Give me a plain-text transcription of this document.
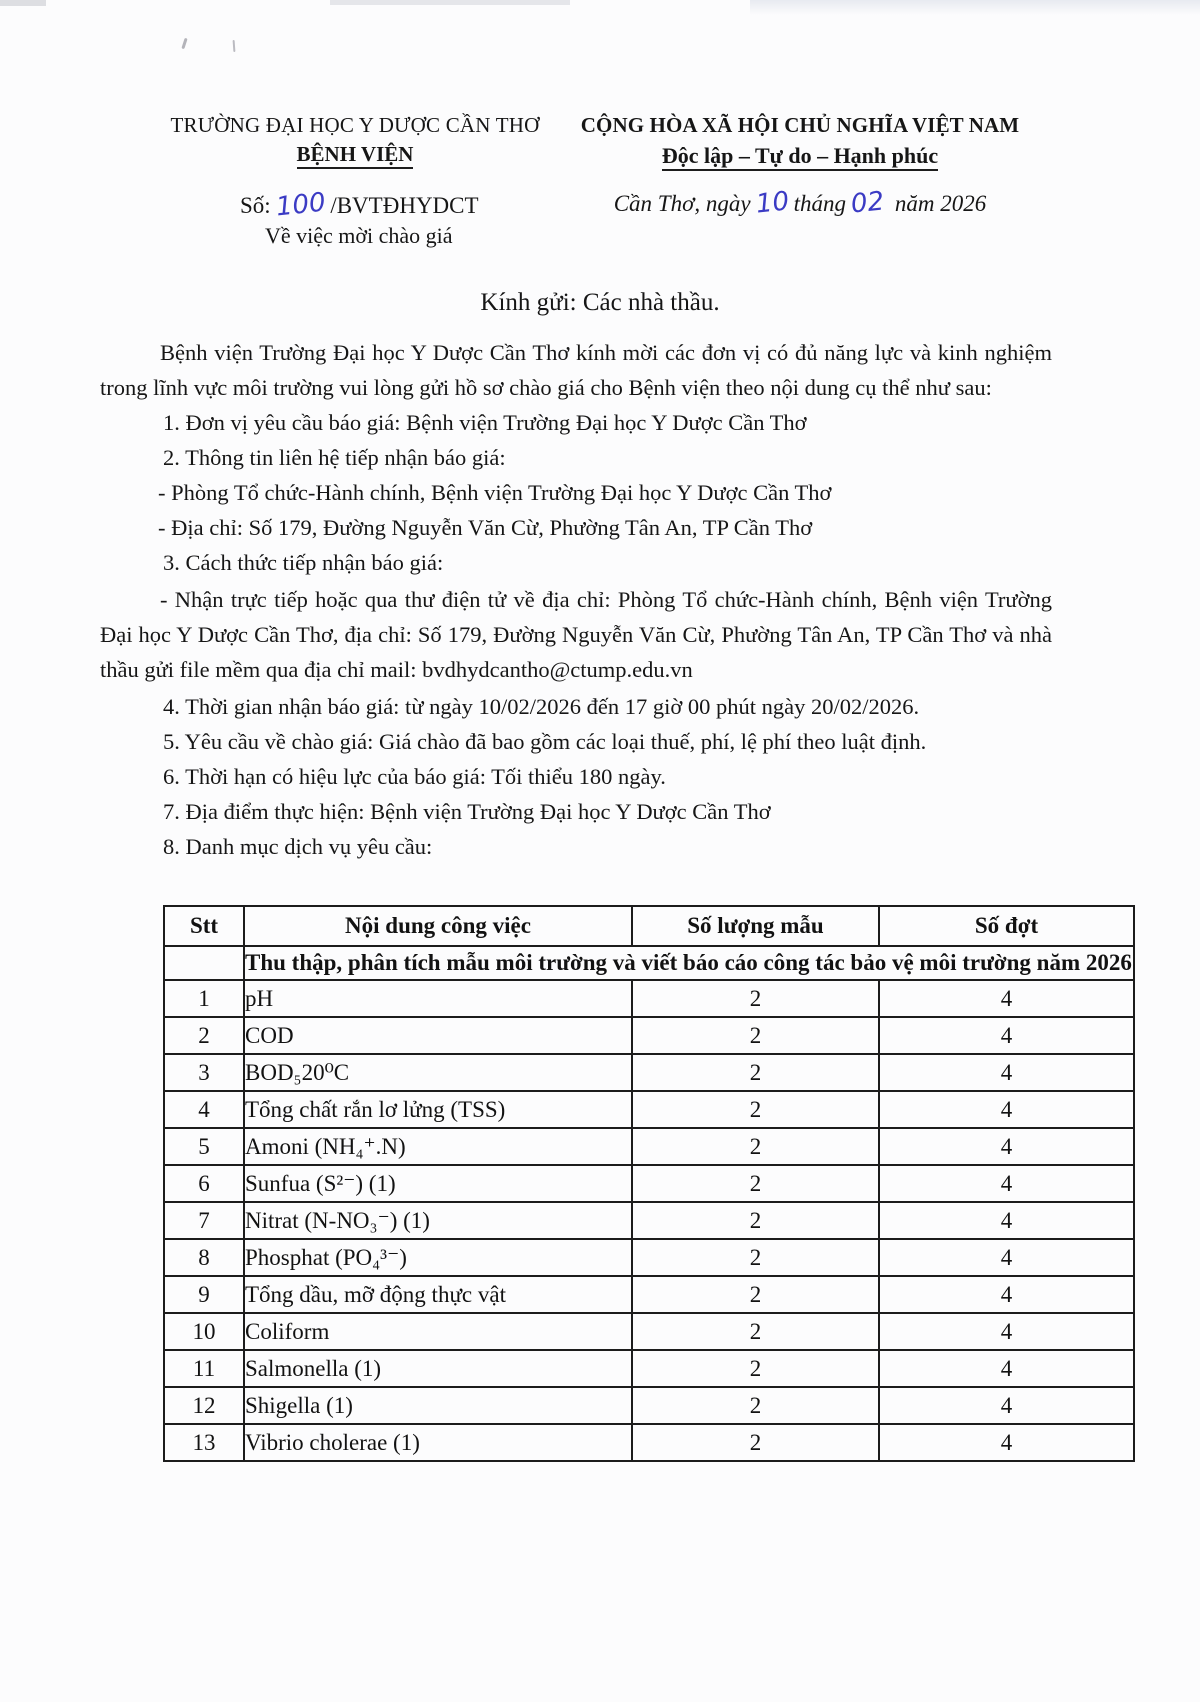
TRƯỜNG ĐẠI HỌC Y DƯỢC CẦN THƠ
BỆNH VIỆN
Số: 100 /BVTĐHYDCT
Về việc mời chào giá
CỘNG HÒA XÃ HỘI CHỦ NGHĨA VIỆT NAM
Độc lập – Tự do – Hạnh phúc
Cần Thơ, ngày 10 tháng 02 năm 2026
Kính gửi: Các nhà thầu.

Bệnh viện Trường Đại học Y Dược Cần Thơ kính mời các đơn vị có đủ năng lực và kinh nghiệm trong lĩnh vực môi trường vui lòng gửi hồ sơ chào giá cho Bệnh viện theo nội dung cụ thể như sau:

1. Đơn vị yêu cầu báo giá: Bệnh viện Trường Đại học Y Dược Cần Thơ

2. Thông tin liên hệ tiếp nhận báo giá:

- Phòng Tổ chức-Hành chính, Bệnh viện Trường Đại học Y Dược Cần Thơ

- Địa chỉ: Số 179, Đường Nguyễn Văn Cừ, Phường Tân An, TP Cần Thơ

3. Cách thức tiếp nhận báo giá:

- Nhận trực tiếp hoặc qua thư điện tử về địa chỉ: Phòng Tổ chức-Hành chính, Bệnh viện Trường Đại học Y Dược Cần Thơ, địa chỉ: Số 179, Đường Nguyễn Văn Cừ, Phường Tân An, TP Cần Thơ và nhà thầu gửi file mềm qua địa chỉ mail: bvdhydcantho@ctump.edu.vn

4. Thời gian nhận báo giá: từ ngày 10/02/2026 đến 17 giờ 00 phút ngày 20/02/2026.

5. Yêu cầu về chào giá: Giá chào đã bao gồm các loại thuế, phí, lệ phí theo luật định.

6. Thời hạn có hiệu lực của báo giá: Tối thiểu 180 ngày.

7. Địa điểm thực hiện: Bệnh viện Trường Đại học Y Dược Cần Thơ

8. Danh mục dịch vụ yêu cầu:

Stt	Nội dung công việc	Số lượng mẫu	Số đợt
	Thu thập, phân tích mẫu môi trường và viết báo cáo công tác bảo vệ môi trường năm 2026		
1	pH	2	4
2	COD	2	4
3	BOD₅20⁰C	2	4
4	Tổng chất rắn lơ lửng (TSS)	2	4
5	Amoni (NH₄⁺.N)	2	4
6	Sunfua (S²⁻) (1)	2	4
7	Nitrat (N-NO₃⁻) (1)	2	4
8	Phosphat (PO₄³⁻)	2	4
9	Tổng dầu, mỡ động thực vật	2	4
10	Coliform	2	4
11	Salmonella (1)	2	4
12	Shigella (1)	2	4
13	Vibrio cholerae (1)	2	4
